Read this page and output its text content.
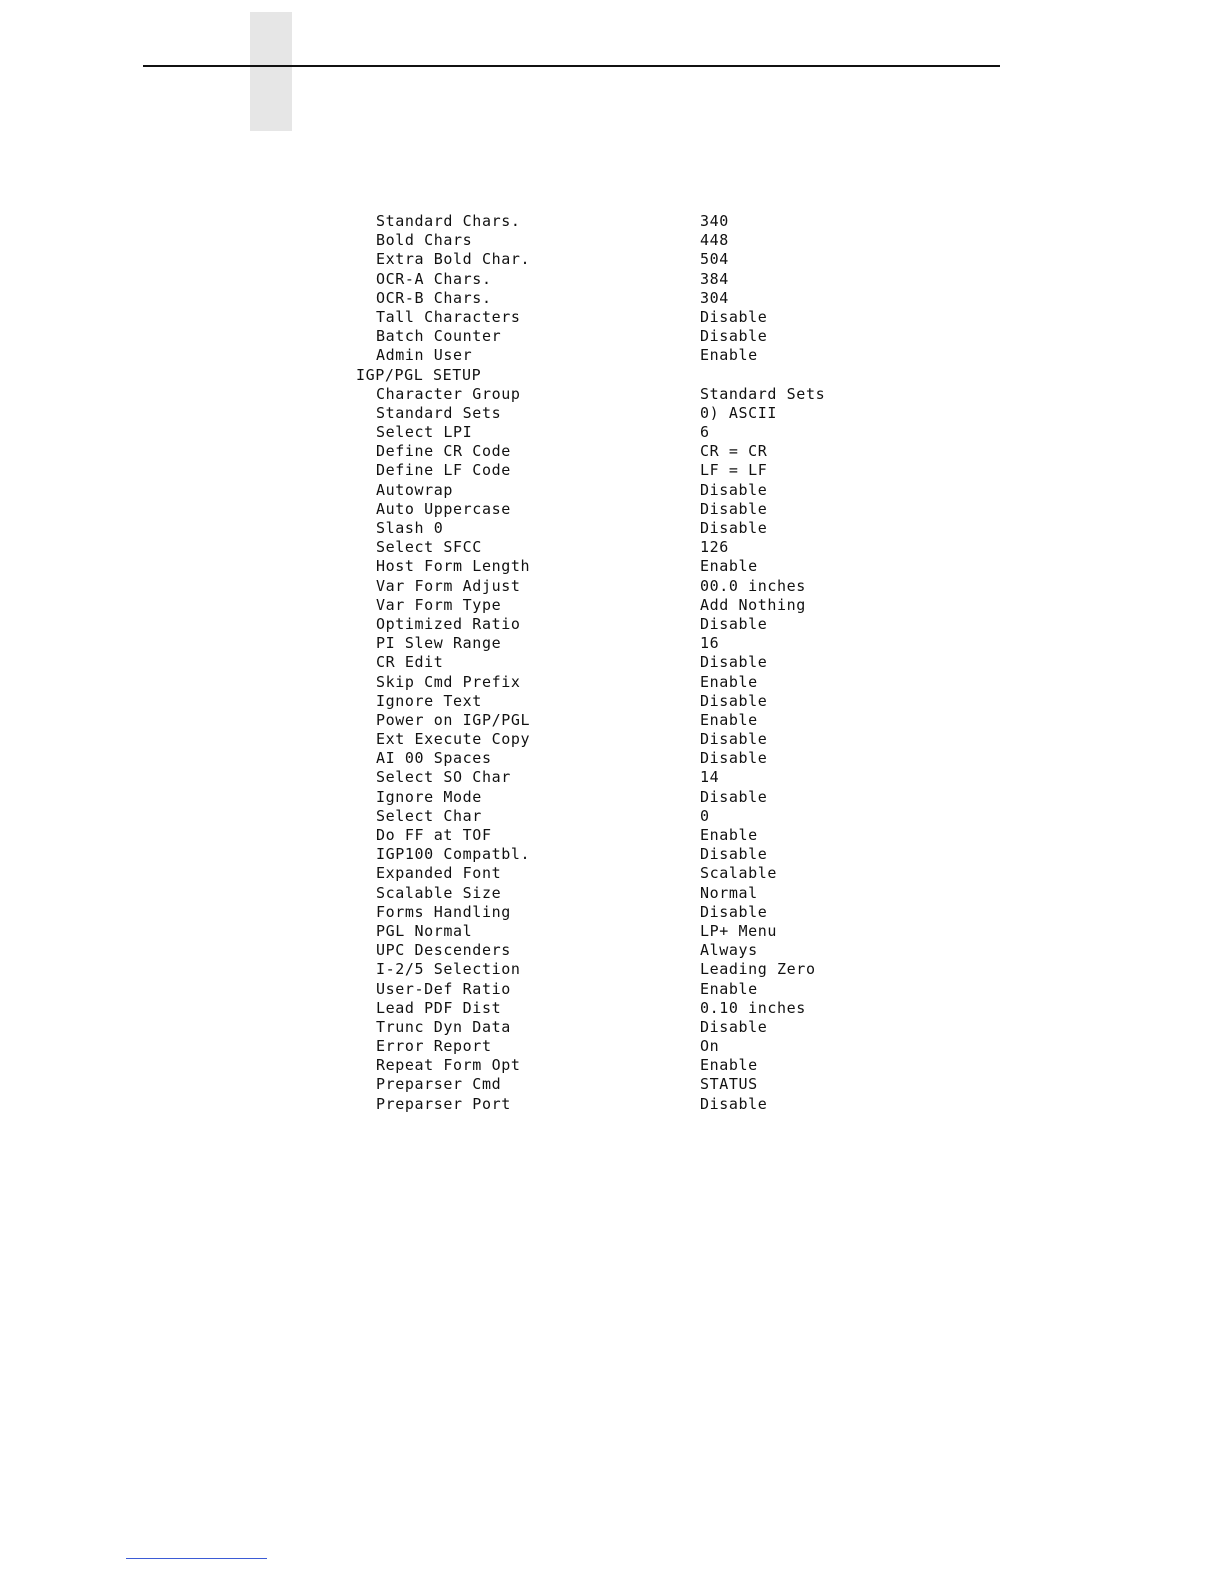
Standard Chars.	340
Bold Chars	448
Extra Bold Char.	504
OCR-A Chars.	384
OCR-B Chars.	304
Tall Characters	Disable
Batch Counter	Disable
Admin User	Enable
IGP/PGL SETUP
Character Group	Standard Sets
Standard Sets	0) ASCII
Select LPI	6
Define CR Code	CR = CR
Define LF Code	LF = LF
Autowrap	Disable
Auto Uppercase	Disable
Slash 0	Disable
Select SFCC	126
Host Form Length	Enable
Var Form Adjust	00.0 inches
Var Form Type	Add Nothing
Optimized Ratio	Disable
PI Slew Range	16
CR Edit	Disable
Skip Cmd Prefix	Enable
Ignore Text	Disable
Power on IGP/PGL	Enable
Ext Execute Copy	Disable
AI 00 Spaces	Disable
Select SO Char	14
Ignore Mode	Disable
Select Char	0
Do FF at TOF	Enable
IGP100 Compatbl.	Disable
Expanded Font	Scalable
Scalable Size	Normal
Forms Handling	Disable
PGL Normal	LP+ Menu
UPC Descenders	Always
I-2/5 Selection	Leading Zero
User-Def Ratio	Enable
Lead PDF Dist	0.10 inches
Trunc Dyn Data	Disable
Error Report	On
Repeat Form Opt	Enable
Preparser Cmd	STATUS
Preparser Port	Disable
